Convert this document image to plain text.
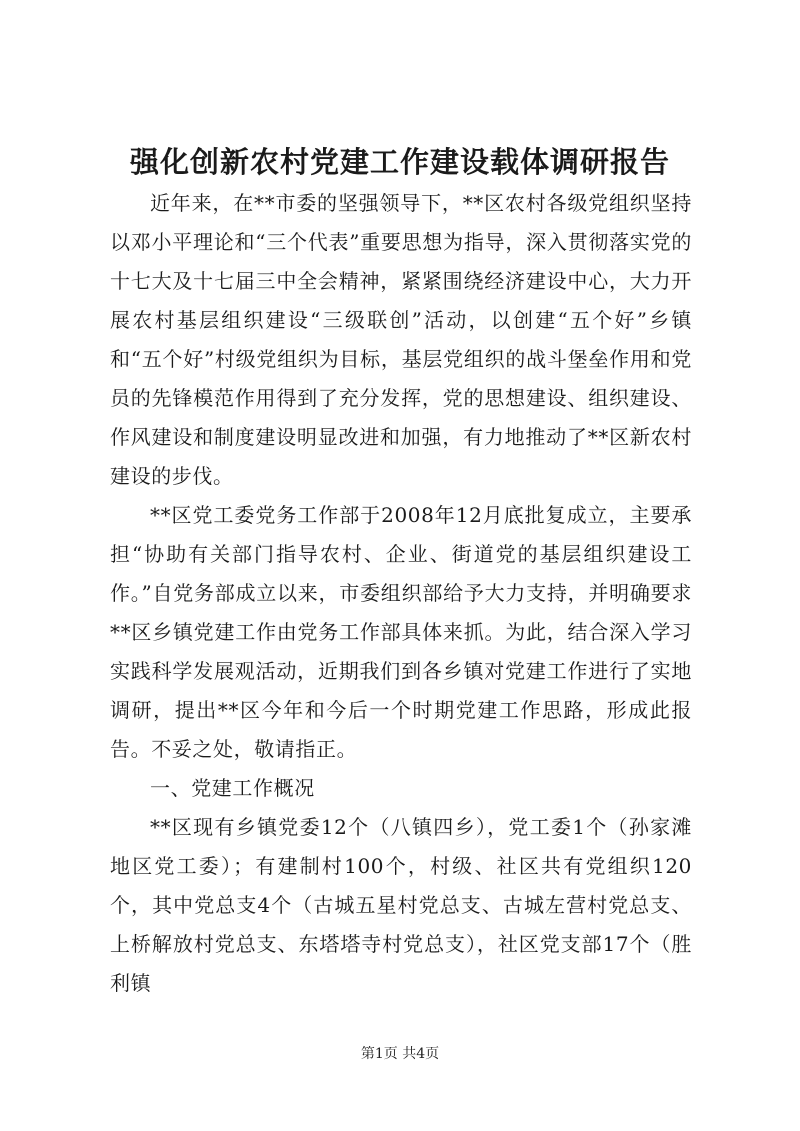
强化创新农村党建工作建设载体调研报告

近年来，在**市委的坚强领导下，**区农村各级党组织坚持以邓小平理论和“三个代表”重要思想为指导，深入贯彻落实党的十七大及十七届三中全会精神，紧紧围绕经济建设中心，大力开展农村基层组织建设“三级联创”活动，以创建“五个好”乡镇和“五个好”村级党组织为目标，基层党组织的战斗堡垒作用和党员的先锋模范作用得到了充分发挥，党的思想建设、组织建设、作风建设和制度建设明显改进和加强，有力地推动了**区新农村建设的步伐。

**区党工委党务工作部于2008年12月底批复成立，主要承担“协助有关部门指导农村、企业、街道党的基层组织建设工作。”自党务部成立以来，市委组织部给予大力支持，并明确要求**区乡镇党建工作由党务工作部具体来抓。为此，结合深入学习实践科学发展观活动，近期我们到各乡镇对党建工作进行了实地调研，提出**区今年和今后一个时期党建工作思路，形成此报告。不妥之处，敬请指正。

一、党建工作概况

**区现有乡镇党委12个（八镇四乡），党工委1个（孙家滩地区党工委）；有建制村100个，村级、社区共有党组织120个，其中党总支4个（古城五星村党总支、古城左营村党总支、上桥解放村党总支、东塔塔寺村党总支），社区党支部17个（胜利镇

第1页 共4页
